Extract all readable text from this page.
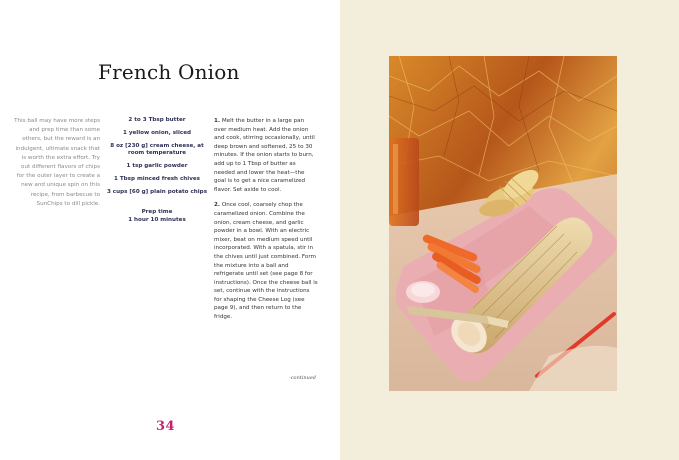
French Onion
This ball may have more steps and prep time than some others, but the reward is an indulgent, ultimate snack that is worth the extra effort. Try out different flavors of chips for the outer layer to create a new and unique spin on this recipe, from barbecue to SunChips to dill pickle.
2 to 3 Tbsp butter
1 yellow onion, sliced
8 oz [230 g] cream cheese, at room temperature
1 tsp garlic powder
1 Tbsp minced fresh chives
3 cups [60 g] plain potato chips
Prep time
1 hour 10 minutes

1. Melt the butter in a large pan over medium heat. Add the onion and cook, stirring occasionally, until deep brown and softened, 25 to 30 minutes. If the onion starts to burn, add up to 1 Tbsp of butter as needed and lower the heat—the goal is to get a nice caramelized flavor. Set aside to cool.

2. Once cool, coarsely chop the caramelized onion. Combine the onion, cream cheese, and garlic powder in a bowl. With an electric mixer, beat on medium speed until incorporated. With a spatula, stir in the chives until just combined. Form the mixture into a ball and refrigerate until set (see page 8 for instructions). Once the cheese ball is set, continue with the instructions for shaping the Cheese Log (see page 9), and then return to the fridge.

-continued
34
